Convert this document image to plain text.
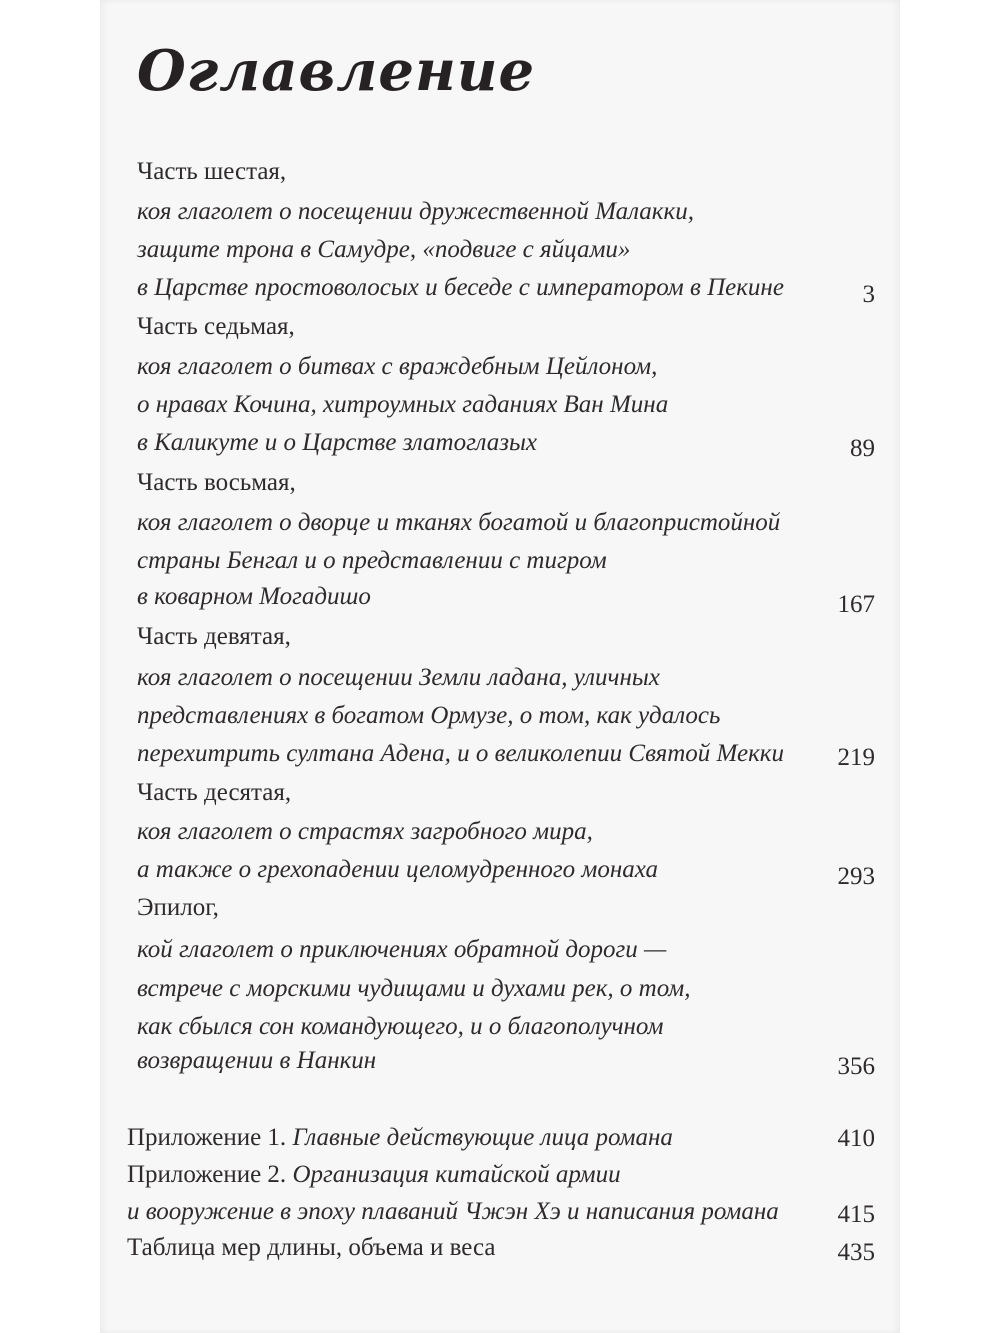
Оглавление
Часть шестая,
коя глаголет о посещении дружественной Малакки,
защите трона в Самудре, «подвиге с яйцами»
в Царстве простоволосых и беседе с императором в Пекине	3
Часть седьмая,
коя глаголет о битвах с враждебным Цейлоном,
о нравах Кочина, хитроумных гаданиях Ван Мина
в Каликуте и о Царстве златоглазых	89
Часть восьмая,
коя глаголет о дворце и тканях богатой и благопристойной
страны Бенгал и о представлении с тигром
в коварном Могадишо	167
Часть девятая,
коя глаголет о посещении Земли ладана, уличных
представлениях в богатом Ормузе, о том, как удалось
перехитрить султана Адена, и о великолепии Святой Мекки	219
Часть десятая,
коя глаголет о страстях загробного мира,
а также о грехопадении целомудренного монаха	293
Эпилог,
кой глаголет о приключениях обратной дороги —
встрече с морскими чудищами и духами рек, о том,
как сбылся сон командующего, и о благополучном
возвращении в Нанкин	356
Приложение 1. Главные действующие лица романа	410
Приложение 2. Организация китайской армии
и вооружение в эпоху плаваний Чжэн Хэ и написания романа	415
Таблица мер длины, объема и веса	435
